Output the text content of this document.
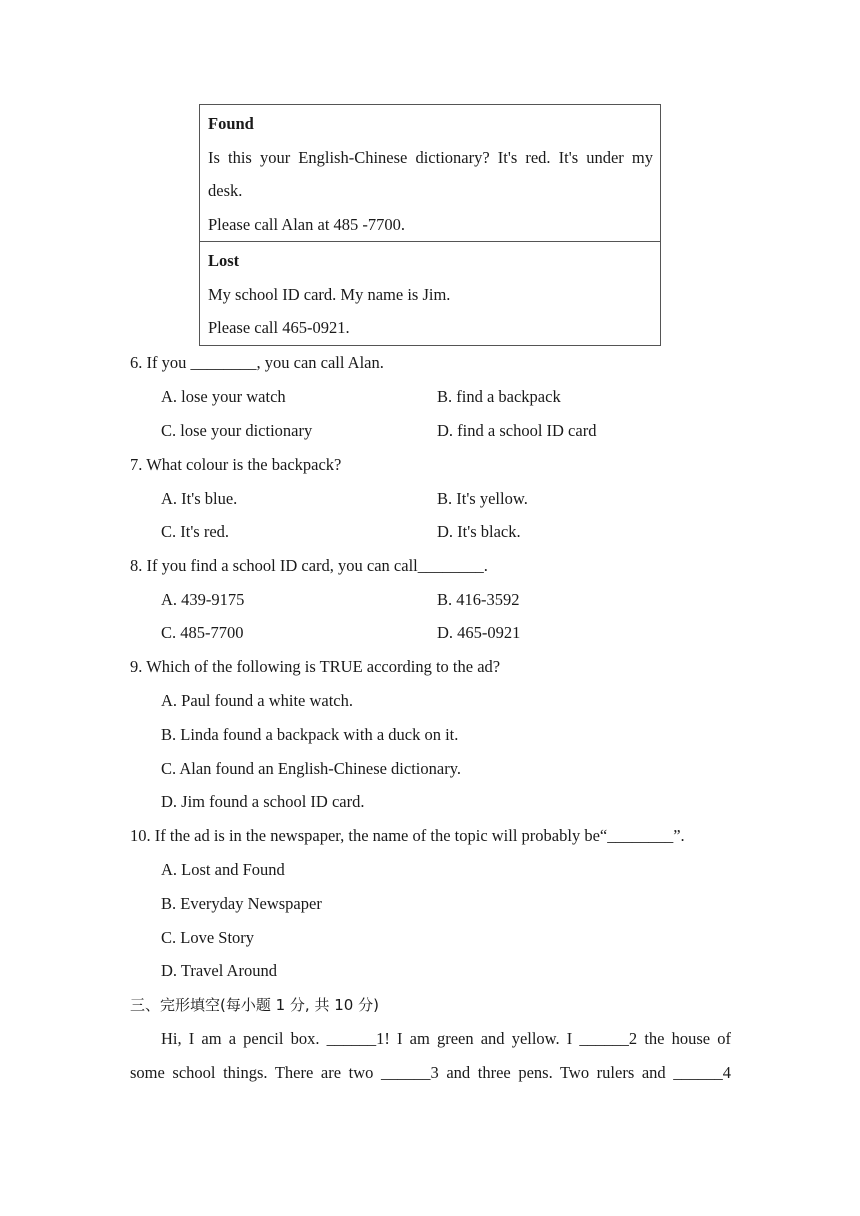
Found
Is this your English-Chinese dictionary? It's red. It's under my
desk.
Please call Alan at 485 -7700.
Lost
My school ID card. My name is Jim.
Please call 465-0921.
6. If you ________, you can call Alan.
A. lose your watch	B. find a backpack
C. lose your dictionary	D. find a school ID card
7. What colour is the backpack?
A. It's blue.	B. It's yellow.
C. It's red.	D. It's black.
8. If you find a school ID card, you can call________.
A. 439-9175	B. 416-3592
C. 485-7700	D. 465-0921
9. Which of the following is TRUE according to the ad?
A. Paul found a white watch.
B. Linda found a backpack with a duck on it.
C. Alan found an English-Chinese dictionary.
D. Jim found a school ID card.
10. If the ad is in the newspaper, the name of the topic will probably be“________”.
A. Lost and Found
B. Everyday Newspaper
C. Love Story
D. Travel Around
三、完形填空(每小题 1 分, 共 10 分)
Hi, I am a pencil box. ______1! I am green and yellow. I ______2 the house of
some school things. There are two ______3 and three pens. Two rulers and ______4
